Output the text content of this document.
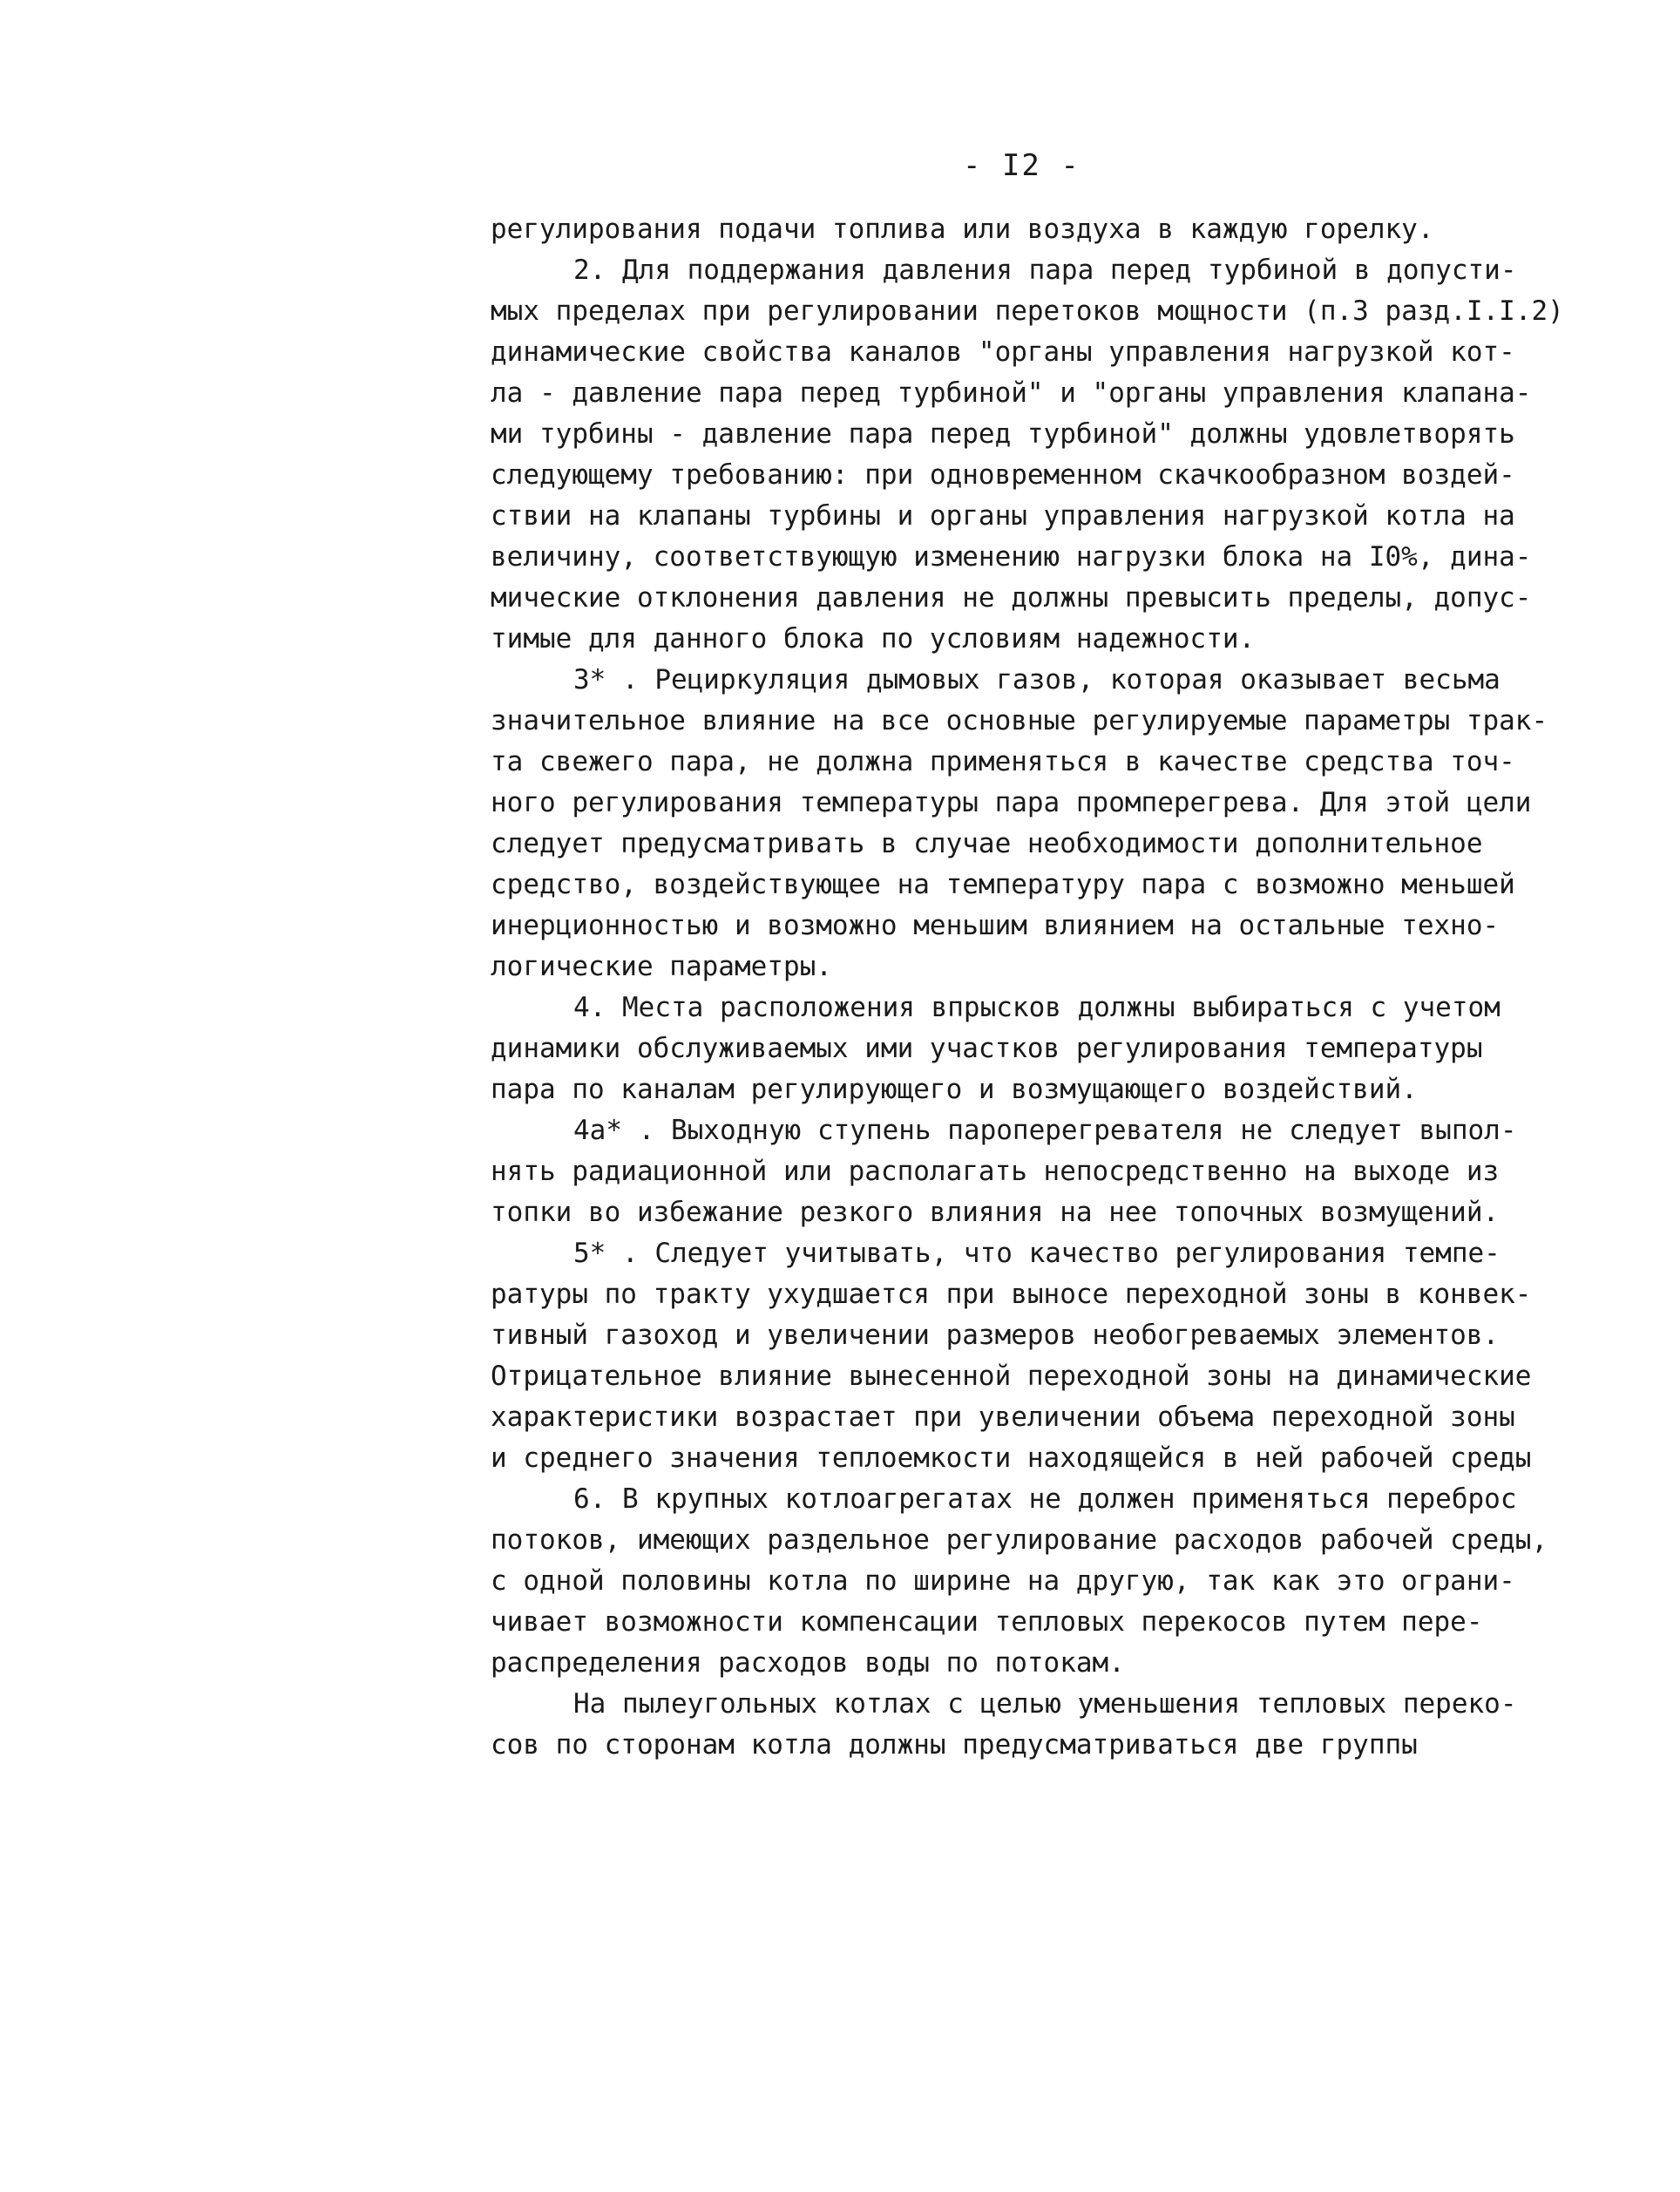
- I2 -
регулирования подачи топлива или воздуха в каждую горелку.
2. Для поддержания давления пара перед турбиной в допусти-
мых пределах при регулировании перетоков мощности (п.3 разд.I.I.2)
динамические свойства каналов "органы управления нагрузкой кот-
ла - давление пара перед турбиной" и "органы управления клапана-
ми турбины - давление пара перед турбиной" должны удовлетворять
следующему требованию: при одновременном скачкообразном воздей-
ствии на клапаны турбины и органы управления нагрузкой котла на
величину, соответствующую изменению нагрузки блока на I0%, дина-
мические отклонения давления не должны превысить пределы, допус-
тимые для данного блока по условиям надежности.
3* . Рециркуляция дымовых газов, которая оказывает весьма
значительное влияние на все основные регулируемые параметры трак-
та свежего пара, не должна применяться в качестве средства точ-
ного регулирования температуры пара промперегрева. Для этой цели
следует предусматривать в случае необходимости дополнительное
средство, воздействующее на температуру пара с возможно меньшей
инерционностью и возможно меньшим влиянием на остальные техно-
логические параметры.
4. Места расположения впрысков должны выбираться с учетом
динамики обслуживаемых ими участков регулирования температуры
пара по каналам регулирующего и возмущающего воздействий.
4а* . Выходную ступень пароперегревателя не следует выпол-
нять радиационной или располагать непосредственно на выходе из
топки во избежание резкого влияния на нее топочных возмущений.
5* . Следует учитывать, что качество регулирования темпе-
ратуры по тракту ухудшается при выносе переходной зоны в конвек-
тивный газоход и увеличении размеров необогреваемых элементов.
Отрицательное влияние вынесенной переходной зоны на динамические
характеристики возрастает при увеличении объема переходной зоны
и среднего значения теплоемкости находящейся в ней рабочей среды
6. В крупных котлоагрегатах не должен применяться переброс
потоков, имеющих раздельное регулирование расходов рабочей среды,
с одной половины котла по ширине на другую, так как это ограни-
чивает возможности компенсации тепловых перекосов путем пере-
распределения расходов воды по потокам.
На пылеугольных котлах с целью уменьшения тепловых переко-
сов по сторонам котла должны предусматриваться две группы
